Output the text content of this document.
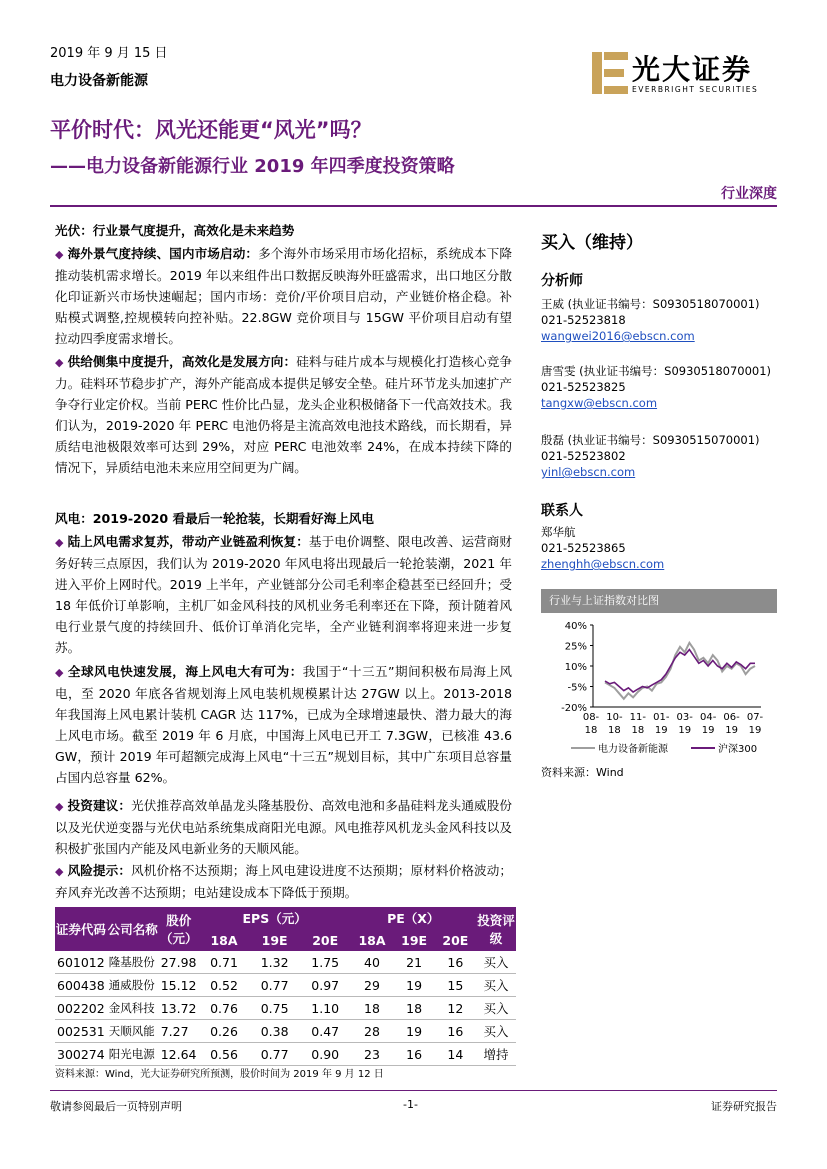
2019 年 9 月 15 日
电力设备新能源	光大证券
EVERBRIGHT SECURITIES
平价时代：风光还能更“风光”吗？
——电力设备新能源行业 2019 年四季度投资策略
行业深度
光伏：行业景气度提升，高效化是未来趋势
◆ 海外景气度持续、国内市场启动：多个海外市场采用市场化招标，系统成本下降推动装机需求增长。2019 年以来组件出口数据反映海外旺盛需求，出口地区分散化印证新兴市场快速崛起；国内市场：竞价/平价项目启动，产业链价格企稳。补贴模式调整,控规模转向控补贴。22.8GW 竞价项目与 15GW 平价项目启动有望拉动四季度需求增长。
◆ 供给侧集中度提升，高效化是发展方向：硅料与硅片成本与规模化打造核心竞争力。硅料环节稳步扩产，海外产能高成本提供足够安全垫。硅片环节龙头加速扩产争夺行业定价权。当前 PERC 性价比凸显，龙头企业积极储备下一代高效技术。我们认为，2019-2020 年 PERC 电池仍将是主流高效电池技术路线，而长期看，异质结电池极限效率可达到 29%，对应 PERC 电池效率 24%，在成本持续下降的情况下，异质结电池未来应用空间更为广阔。
风电：2019-2020 看最后一轮抢装，长期看好海上风电
◆ 陆上风电需求复苏，带动产业链盈利恢复：基于电价调整、限电改善、运营商财务好转三点原因，我们认为 2019-2020 年风电将出现最后一轮抢装潮，2021 年进入平价上网时代。2019 上半年，产业链部分公司毛利率企稳甚至已经回升；受 18 年低价订单影响，主机厂如金风科技的风机业务毛利率还在下降，预计随着风电行业景气度的持续回升、低价订单消化完毕，全产业链利润率将迎来进一步复苏。
◆ 全球风电快速发展，海上风电大有可为：我国于“十三五”期间积极布局海上风电，至 2020 年底各省规划海上风电装机规模累计达 27GW 以上。2013-2018 年我国海上风电累计装机 CAGR 达 117%，已成为全球增速最快、潜力最大的海上风电市场。截至 2019 年 6 月底，中国海上风电已开工 7.3GW，已核准 43.6 GW，预计 2019 年可超额完成海上风电“十三五”规划目标，其中广东项目总容量占国内总容量 62%。
◆ 投资建议：光伏推荐高效单晶龙头隆基股份、高效电池和多晶硅料龙头通威股份以及光伏逆变器与光伏电站系统集成商阳光电源。风电推荐风机龙头金风科技以及积极扩张国内产能及风电新业务的天顺风能。
◆ 风险提示：风机价格不达预期；海上风电建设进度不达预期；原材料价格波动；弃风弃光改善不达预期；电站建设成本下降低于预期。
买入（维持）
分析师
王威 (执业证书编号：S0930518070001)
021-52523818
wangwei2016@ebscn.com
唐雪雯 (执业证书编号：S0930518070001)
021-52523825
tangxw@ebscn.com
殷磊 (执业证书编号：S0930515070001)
021-52523802
yinl@ebscn.com
联系人
郑华航
021-52523865
zhenghh@ebscn.com
行业与上证指数对比图
40%
25%
10%
-5%
-20%
08-
18
10-
18
11-
18
01-
19
03-
19
04-
19
06-
19
07-
19
电力设备新能源	沪深300
资料来源：Wind
证券代码	公司名称	股价（元）	EPS（元）			PE（X）			投资评级
			18A	19E	20E	18A	19E	20E	
601012	隆基股份	27.98	0.71	1.32	1.75	40	21	16	买入
600438	通威股份	15.12	0.52	0.77	0.97	29	19	15	买入
002202	金风科技	13.72	0.76	0.75	1.10	18	18	12	买入
002531	天顺风能	7.27	0.26	0.38	0.47	28	19	16	买入
300274	阳光电源	12.64	0.56	0.77	0.90	23	16	14	增持
资料来源：Wind，光大证券研究所预测，股价时间为 2019 年 9 月 12 日
敬请参阅最后一页特别声明	-1-	证券研究报告
